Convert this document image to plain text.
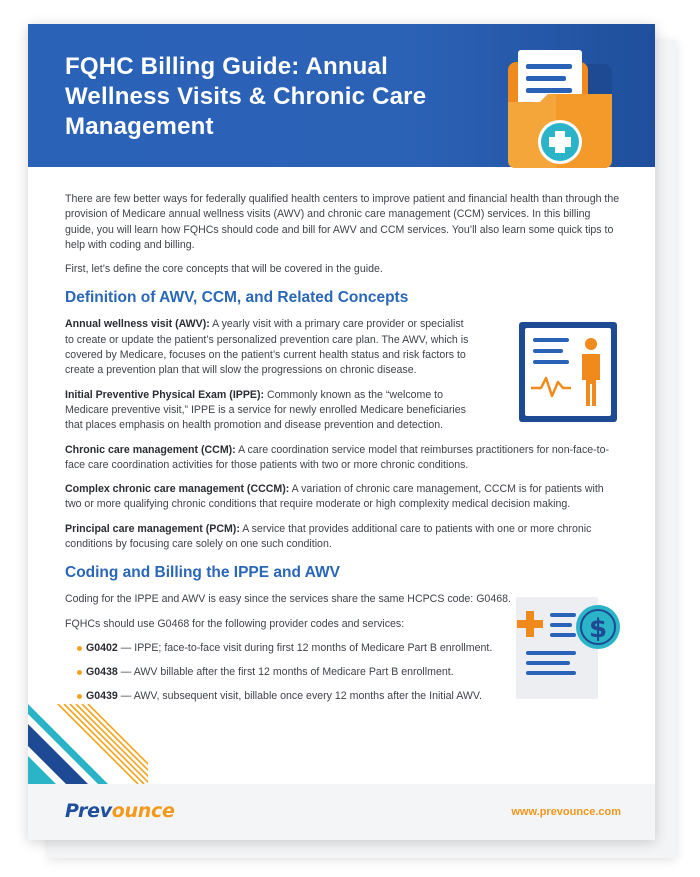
FQHC Billing Guide: Annual Wellness Visits & Chronic Care Management

There are few better ways for federally qualified health centers to improve patient and financial health than through the provision of Medicare annual wellness visits (AWV) and chronic care management (CCM) services. In this billing guide, you will learn how FQHCs should code and bill for AWV and CCM services. You’ll also learn some quick tips to help with coding and billing.

First, let’s define the core concepts that will be covered in the guide.

Definition of AWV, CCM, and Related Concepts

Annual wellness visit (AWV): A yearly visit with a primary care provider or specialist to create or update the patient’s personalized prevention care plan. The AWV, which is covered by Medicare, focuses on the patient’s current health status and risk factors to create a prevention plan that will slow the progressions on chronic disease.

Initial Preventive Physical Exam (IPPE): Commonly known as the “welcome to Medicare preventive visit,” IPPE is a service for newly enrolled Medicare beneficiaries that places emphasis on health promotion and disease prevention and detection.

Chronic care management (CCM): A care coordination service model that reimburses practitioners for non-face-to-face care coordination activities for those patients with two or more chronic conditions.

Complex chronic care management (CCCM): A variation of chronic care management, CCCM is for patients with two or more qualifying chronic conditions that require moderate or high complexity medical decision making.

Principal care management (PCM): A service that provides additional care to patients with one or more chronic conditions by focusing care solely on one such condition.

Coding and Billing the IPPE and AWV

Coding for the IPPE and AWV is easy since the services share the same HCPCS code: G0468.

FQHCs should use G0468 for the following provider codes and services:

G0402 — IPPE; face-to-face visit during first 12 months of Medicare Part B enrollment.
G0438 — AWV billable after the first 12 months of Medicare Part B enrollment.
G0439 — AWV, subsequent visit, billable once every 12 months after the Initial AWV.
$
Prevounce	www.prevounce.com
